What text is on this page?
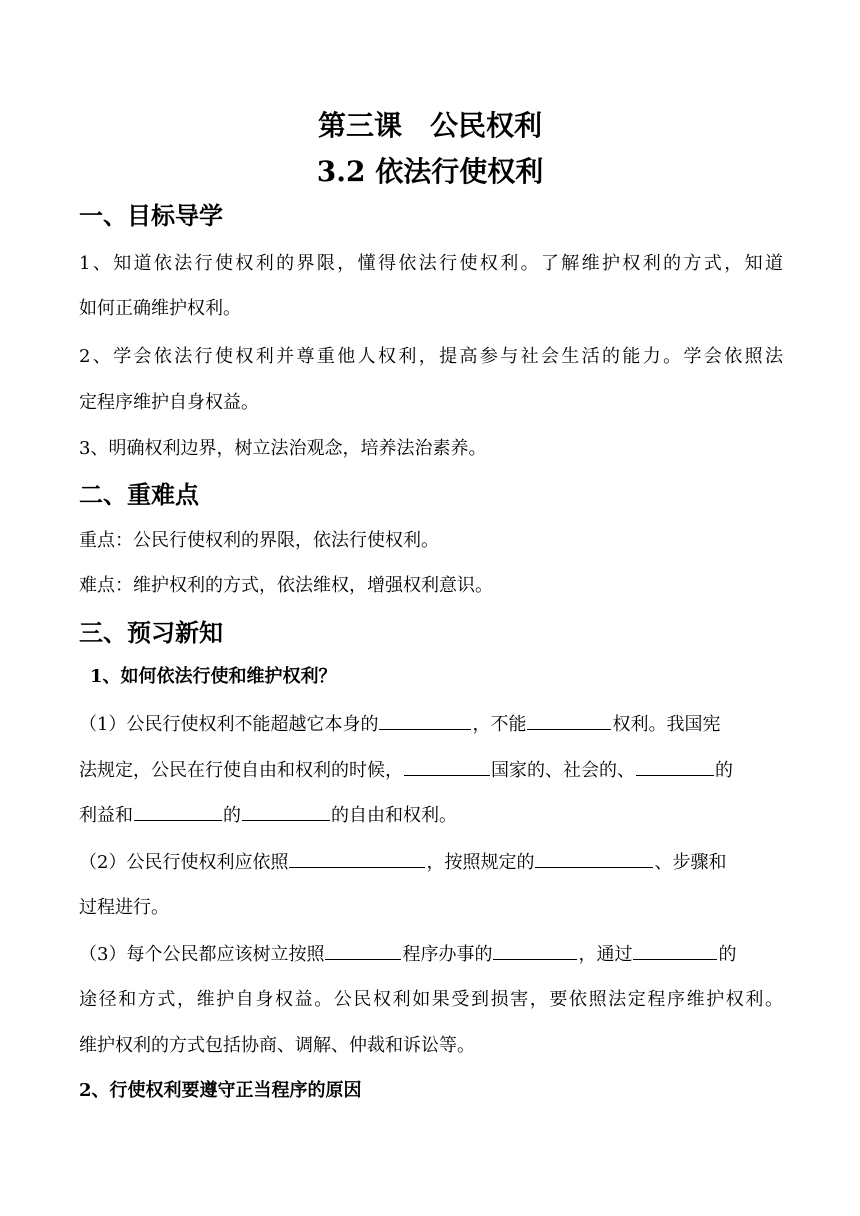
第三课　公民权利
3.2 依法行使权利
一、目标导学
1、知道依法行使权利的界限，懂得依法行使权利。了解维护权利的方式，知道
如何正确维护权利。
2、学会依法行使权利并尊重他人权利，提高参与社会生活的能力。学会依照法
定程序维护自身权益。
3、明确权利边界，树立法治观念，培养法治素养。
二、重难点
重点：公民行使权利的界限，依法行使权利。
难点：维护权利的方式，依法维权，增强权利意识。
三、预习新知
1、如何依法行使和维护权利？
（1）公民行使权利不能超越它本身的	，不能	权利。我国宪
法规定，公民在行使自由和权利的时候，	国家的、社会的、	的
利益和	的	的自由和权利。
（2）公民行使权利应依照	，按照规定的	、步骤和
过程进行。
（3）每个公民都应该树立按照	程序办事的	，通过	的
途径和方式，维护自身权益。公民权利如果受到损害，要依照法定程序维护权利。
维护权利的方式包括协商、调解、仲裁和诉讼等。
2、行使权利要遵守正当程序的原因
